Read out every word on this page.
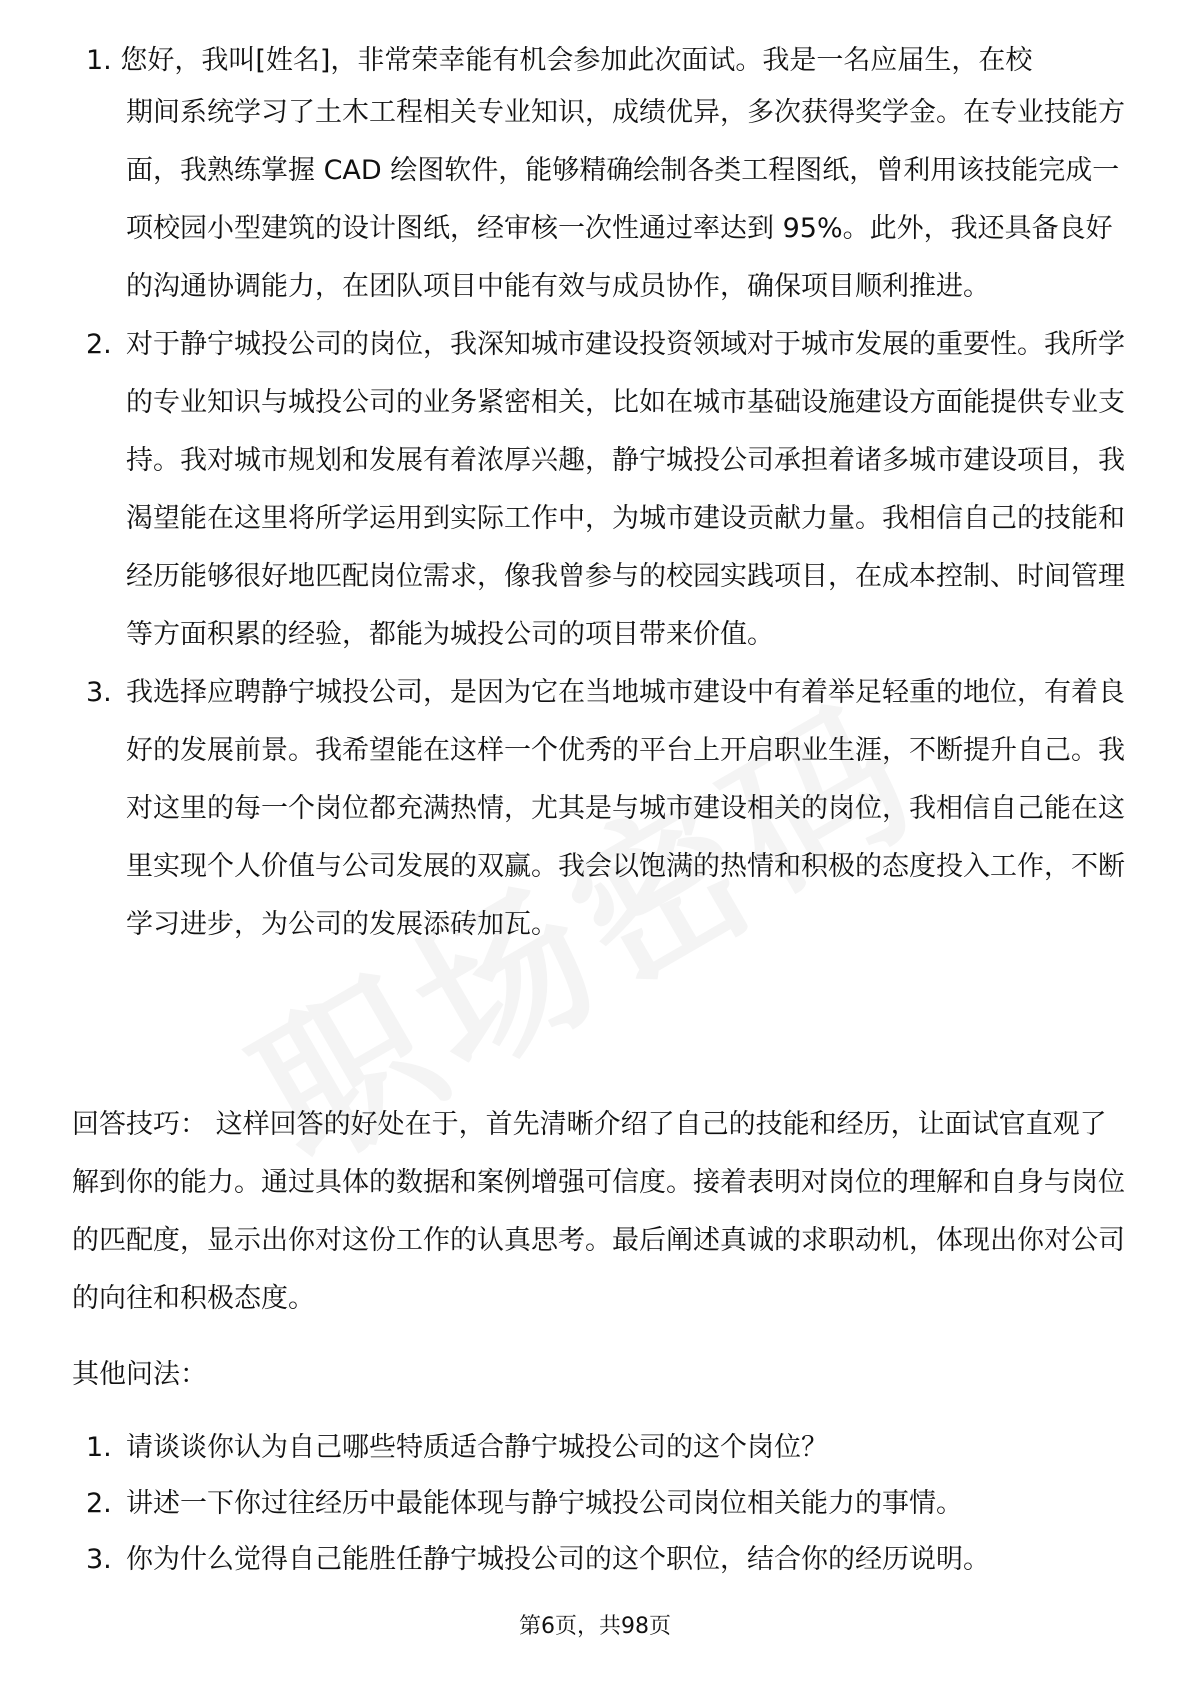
1. 您好，我叫[姓名]，非常荣幸能有机会参加此次面试。我是一名应届生，在校
期间系统学习了土木工程相关专业知识，成绩优异，多次获得奖学金。在专业技能方面，我熟练掌握 CAD 绘图软件，能够精确绘制各类工程图纸，曾利用该技能完成一项校园小型建筑的设计图纸，经审核一次性通过率达到 95%。此外，我还具备良好的沟通协调能力，在团队项目中能有效与成员协作，确保项目顺利推进。
2. 对于静宁城投公司的岗位，我深知城市建设投资领域对于城市发展的重要性。我所学的专业知识与城投公司的业务紧密相关，比如在城市基础设施建设方面能提供专业支持。我对城市规划和发展有着浓厚兴趣，静宁城投公司承担着诸多城市建设项目，我渴望能在这里将所学运用到实际工作中，为城市建设贡献力量。我相信自己的技能和经历能够很好地匹配岗位需求，像我曾参与的校园实践项目，在成本控制、时间管理等方面积累的经验，都能为城投公司的项目带来价值。
3. 我选择应聘静宁城投公司，是因为它在当地城市建设中有着举足轻重的地位，有着良好的发展前景。我希望能在这样一个优秀的平台上开启职业生涯，不断提升自己。我对这里的每一个岗位都充满热情，尤其是与城市建设相关的岗位，我相信自己能在这里实现个人价值与公司发展的双赢。我会以饱满的热情和积极的态度投入工作，不断学习进步，为公司的发展添砖加瓦。

回答技巧： 这样回答的好处在于，首先清晰介绍了自己的技能和经历，让面试官直观了解到你的能力。通过具体的数据和案例增强可信度。接着表明对岗位的理解和自身与岗位的匹配度，显示出你对这份工作的认真思考。最后阐述真诚的求职动机，体现出你对公司的向往和积极态度。

其他问法：

1. 请谈谈你认为自己哪些特质适合静宁城投公司的这个岗位？
2. 讲述一下你过往经历中最能体现与静宁城投公司岗位相关能力的事情。
3. 你为什么觉得自己能胜任静宁城投公司的这个职位，结合你的经历说明。
第6页，共98页
